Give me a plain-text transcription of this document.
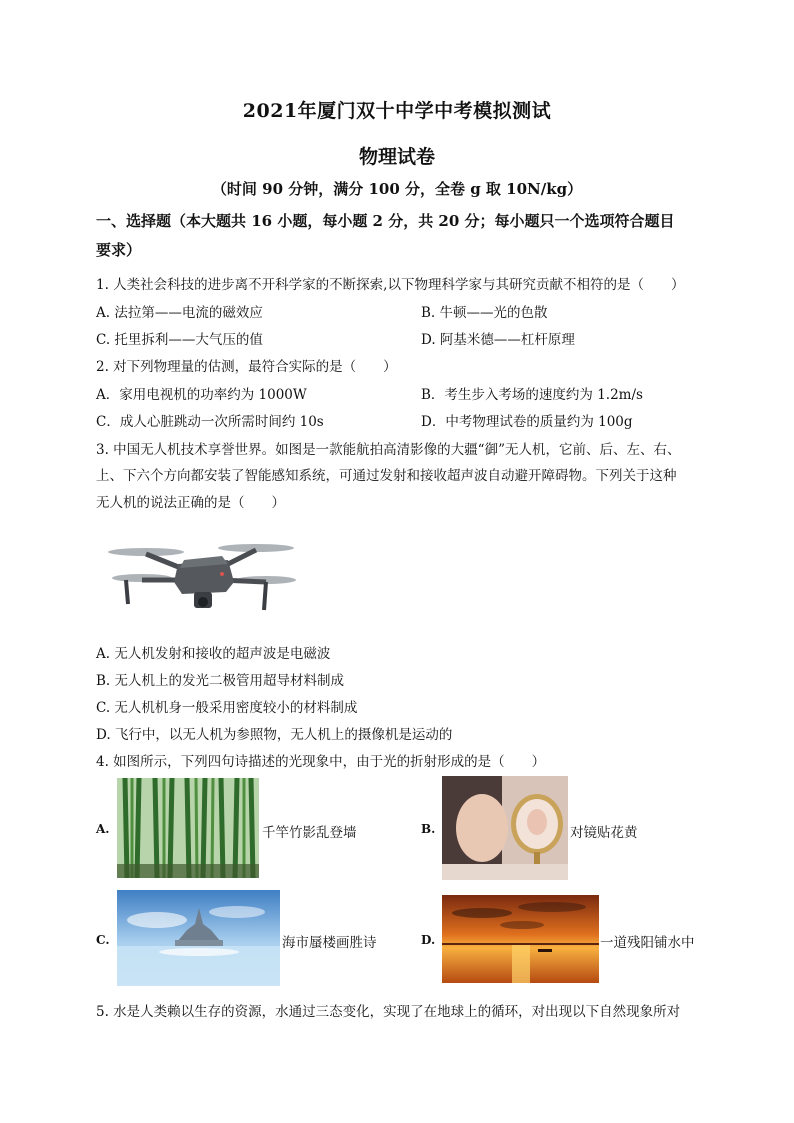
2021年厦门双十中学中考模拟测试
物理试卷
（时间 90 分钟，满分 100 分，全卷 g 取 10N/kg）
一、选择题（本大题共 16 小题，每小题 2 分，共 20 分；每小题只一个选项符合题目
要求）
1. 人类社会科技的进步离不开科学家的不断探索,以下物理科学家与其研究贡献不相符的是（　　）
A. 法拉第——电流的磁效应	B. 牛顿——光的色散
C. 托里拆利——大气压的值	D. 阿基米德——杠杆原理
2. 对下列物理量的估测，最符合实际的是（　　）
A．家用电视机的功率约为 1000W	B．考生步入考场的速度约为 1.2m/s
C．成人心脏跳动一次所需时间约 10s	D．中考物理试卷的质量约为 100g
3. 中国无人机技术享誉世界。如图是一款能航拍高清影像的大疆“御”无人机，它前、后、左、右、
上、下六个方向都安装了智能感知系统，可通过发射和接收超声波自动避开障碍物。下列关于这种
无人机的说法正确的是（　　）
A. 无人机发射和接收的超声波是电磁波
B. 无人机上的发光二极管用超导材料制成
C. 无人机机身一般采用密度较小的材料制成
D. 飞行中，以无人机为参照物，无人机上的摄像机是运动的
4. 如图所示，下列四句诗描述的光现象中，由于光的折射形成的是（　　）
A.	千竿竹影乱登墙	B.	对镜贴花黄
C.	海市蜃楼画胜诗	D.	一道残阳铺水中
5. 水是人类赖以生存的资源，水通过三态变化，实现了在地球上的循环，对出现以下自然现象所对
